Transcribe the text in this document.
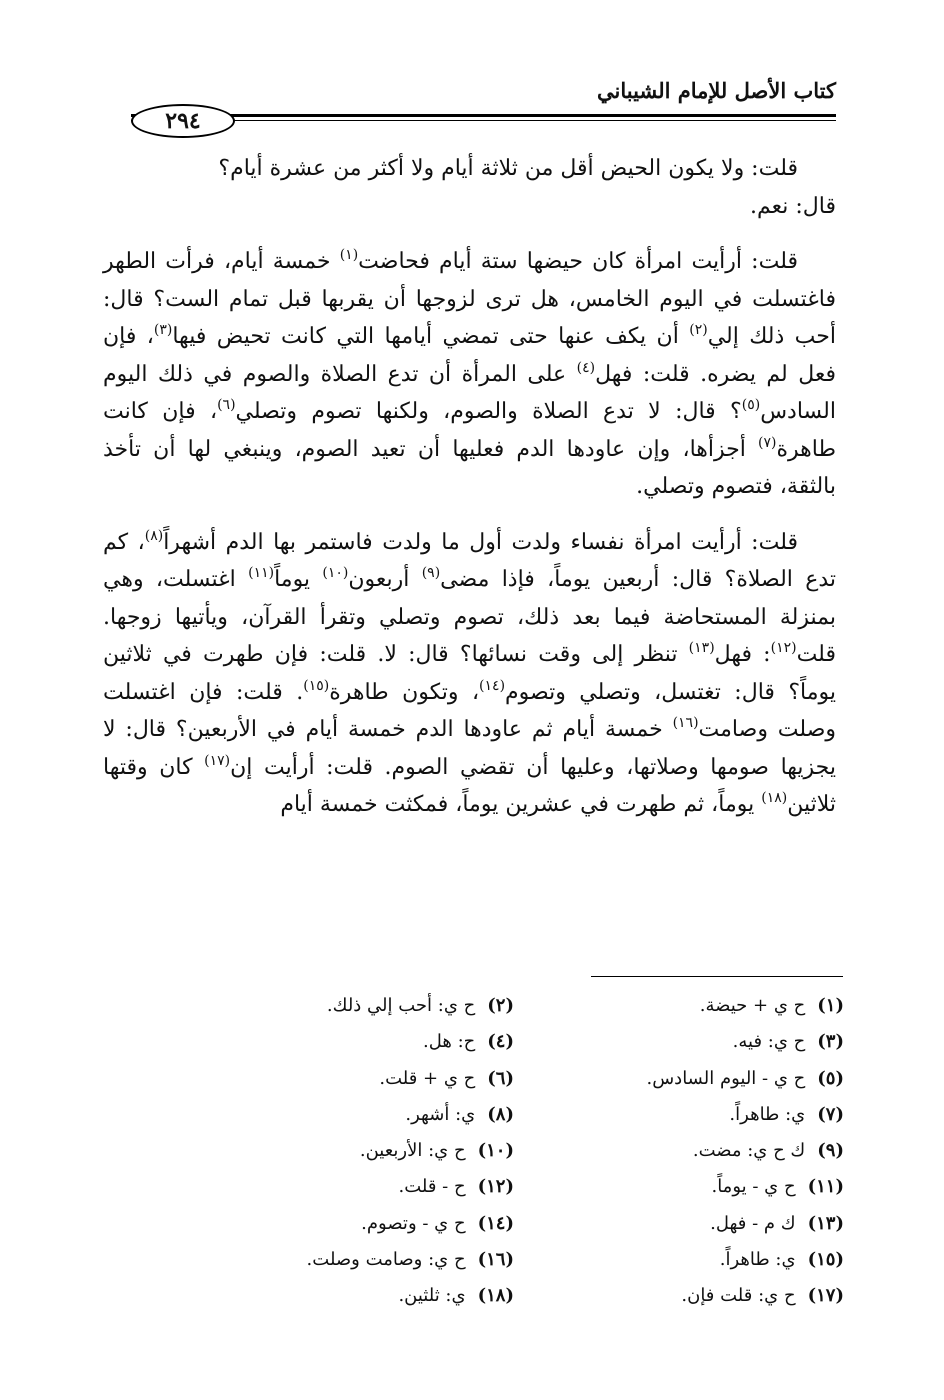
كتاب الأصل للإمام الشيباني
٢٩٤

قلت: ولا يكون الحيض أقل من ثلاثة أيام ولا أكثر من عشرة أيام؟

قال: نعم.

قلت: أرأيت امرأة كان حيضها ستة أيام فحاضت$^{(١)}$ خمسة أيام، فرأت الطهر فاغتسلت في اليوم الخامس، هل ترى لزوجها أن يقربها قبل تمام الست؟ قال: أحب ذلك إلي$^{(٢)}$ أن يكف عنها حتى تمضي أيامها التي كانت تحيض فيها$^{(٣)}$، فإن فعل لم يضره. قلت: فهل$^{(٤)}$ على المرأة أن تدع الصلاة والصوم في ذلك اليوم السادس$^{(٥)}$؟ قال: لا تدع الصلاة والصوم، ولكنها تصوم وتصلي$^{(٦)}$، فإن كانت طاهرة$^{(٧)}$ أجزأها، وإن عاودها الدم فعليها أن تعيد الصوم، وينبغي لها أن تأخذ بالثقة، فتصوم وتصلي.

قلت: أرأيت امرأة نفساء ولدت أول ما ولدت فاستمر بها الدم أشهراً$^{(٨)}$، كم تدع الصلاة؟ قال: أربعين يوماً، فإذا مضى$^{(٩)}$ أربعون$^{(١٠)}$ يوماً$^{(١١)}$ اغتسلت، وهي بمنزلة المستحاضة فيما بعد ذلك، تصوم وتصلي وتقرأ القرآن، ويأتيها زوجها. قلت$^{(١٢)}$: فهل$^{(١٣)}$ تنظر إلى وقت نسائها؟ قال: لا. قلت: فإن طهرت في ثلاثين يوماً؟ قال: تغتسل، وتصلي وتصوم$^{(١٤)}$، وتكون طاهرة$^{(١٥)}$. قلت: فإن اغتسلت وصلت وصامت$^{(١٦)}$ خمسة أيام ثم عاودها الدم خمسة أيام في الأربعين؟ قال: لا يجزيها صومها وصلاتها، وعليها أن تقضي الصوم. قلت: أرأيت إن$^{(١٧)}$ كان وقتها ثلاثين$^{(١٨)}$ يوماً، ثم طهرت في عشرين يوماً، فمكثت خمسة أيام

(١)ح ي + حيضة.
(٣)ح ي: فيه.
(٥)ح ي - اليوم السادس.
(٧)ي: طاهراً.
(٩)ك ح ي: مضت.
(١١)ح ي - يوماً.
(١٣)ك م - فهل.
(١٥)ي: طاهراً.
(١٧)ح ي: قلت فإن.
(٢)ح ي: أحب إلي ذلك.
(٤)ح: هل.
(٦)ح ي + قلت.
(٨)ي: أشهر.
(١٠)ح ي: الأربعين.
(١٢)ح - قلت.
(١٤)ح ي - وتصوم.
(١٦)ح ي: وصامت وصلت.
(١٨)ي: ثلثين.
